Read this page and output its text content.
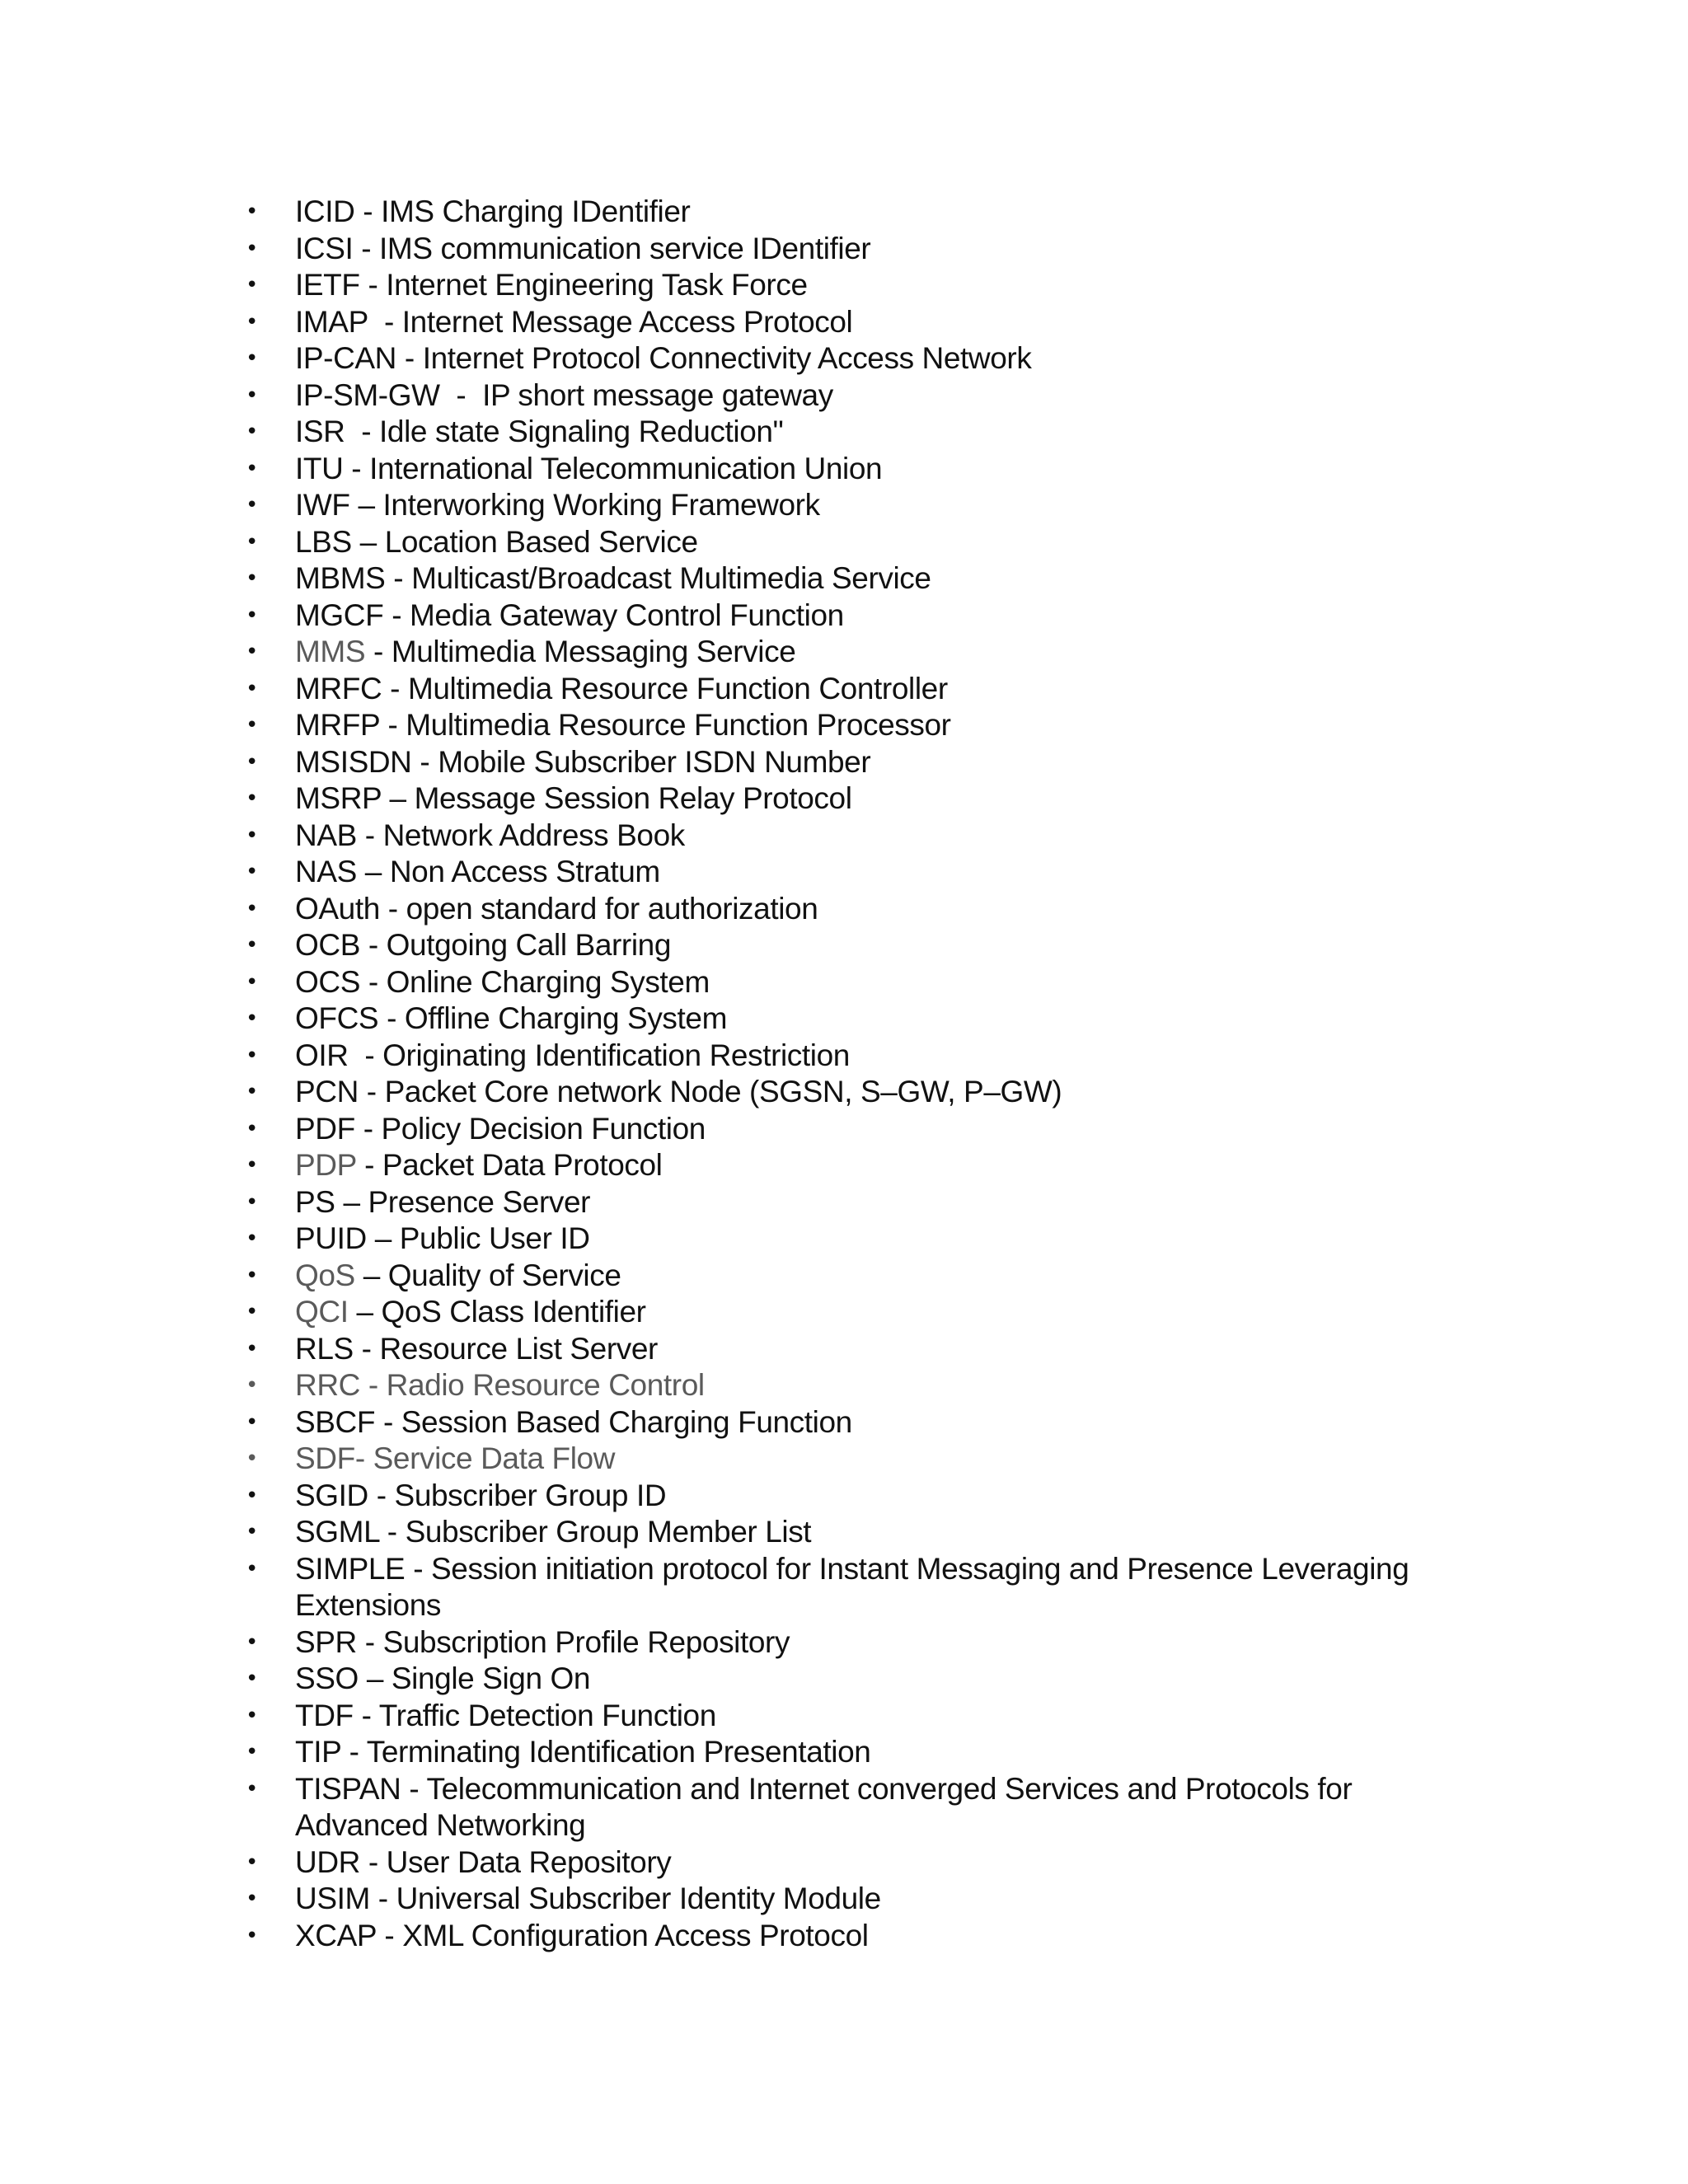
• ICID - IMS Charging IDentifier
• ICSI - IMS communication service IDentifier
• IETF - Internet Engineering Task Force
• IMAP  - Internet Message Access Protocol
• IP-CAN - Internet Protocol Connectivity Access Network
• IP-SM-GW  -  IP short message gateway
• ISR  - Idle state Signaling Reduction"
• ITU - International Telecommunication Union
• IWF – Interworking Working Framework
• LBS – Location Based Service
• MBMS - Multicast/Broadcast Multimedia Service
• MGCF - Media Gateway Control Function
• MMS - Multimedia Messaging Service
• MRFC - Multimedia Resource Function Controller
• MRFP - Multimedia Resource Function Processor
• MSISDN - Mobile Subscriber ISDN Number
• MSRP – Message Session Relay Protocol
• NAB - Network Address Book
• NAS – Non Access Stratum
• OAuth - open standard for authorization
• OCB - Outgoing Call Barring
• OCS - Online Charging System
• OFCS - Offline Charging System
• OIR  - Originating Identification Restriction
• PCN - Packet Core network Node (SGSN, S–GW, P–GW)
• PDF - Policy Decision Function
• PDP - Packet Data Protocol
• PS – Presence Server
• PUID – Public User ID
• QoS – Quality of Service
• QCI – QoS Class Identifier
• RLS - Resource List Server
• RRC - Radio Resource Control
• SBCF - Session Based Charging Function
• SDF- Service Data Flow
• SGID - Subscriber Group ID
• SGML - Subscriber Group Member List
• SIMPLE - Session initiation protocol for Instant Messaging and Presence Leveraging Extensions
• SPR - Subscription Profile Repository
• SSO – Single Sign On
• TDF - Traffic Detection Function
• TIP - Terminating Identification Presentation
• TISPAN - Telecommunication and Internet converged Services and Protocols for Advanced Networking
• UDR - User Data Repository
• USIM - Universal Subscriber Identity Module
• XCAP - XML Configuration Access Protocol
